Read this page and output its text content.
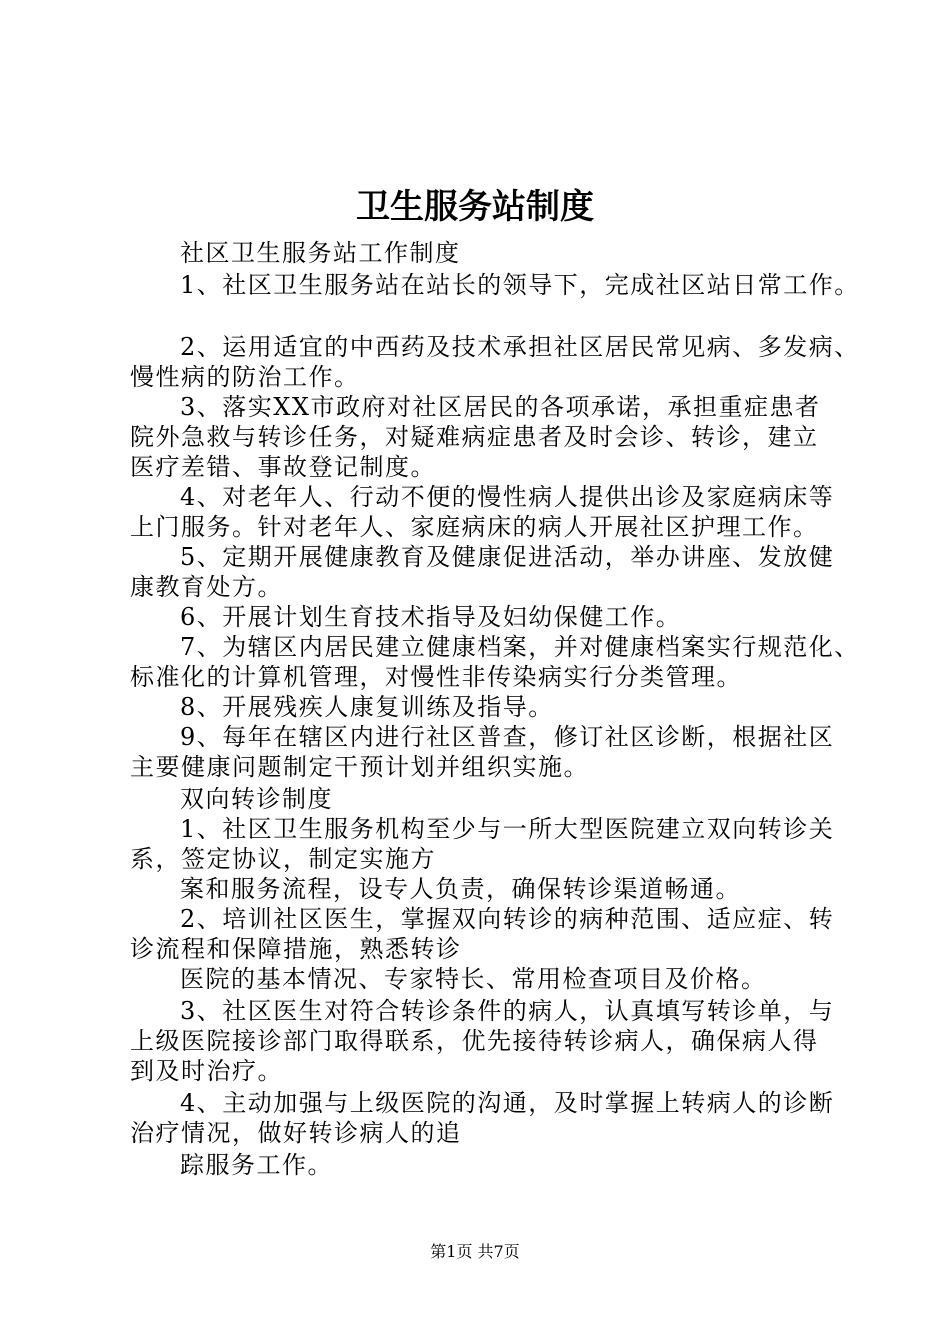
卫生服务站制度
社区卫生服务站工作制度
1、社区卫生服务站在站长的领导下，完成社区站日常工作。
2、运用适宜的中西药及技术承担社区居民常见病、多发病、
慢性病的防治工作。
3、落实XX市政府对社区居民的各项承诺，承担重症患者
院外急救与转诊任务，对疑难病症患者及时会诊、转诊，建立
医疗差错、事故登记制度。
4、对老年人、行动不便的慢性病人提供出诊及家庭病床等
上门服务。针对老年人、家庭病床的病人开展社区护理工作。
5、定期开展健康教育及健康促进活动，举办讲座、发放健
康教育处方。
6、开展计划生育技术指导及妇幼保健工作。
7、为辖区内居民建立健康档案，并对健康档案实行规范化、
标准化的计算机管理，对慢性非传染病实行分类管理。
8、开展残疾人康复训练及指导。
9、每年在辖区内进行社区普查，修订社区诊断，根据社区
主要健康问题制定干预计划并组织实施。
双向转诊制度
1、社区卫生服务机构至少与一所大型医院建立双向转诊关
系，签定协议，制定实施方
案和服务流程，设专人负责，确保转诊渠道畅通。
2、培训社区医生，掌握双向转诊的病种范围、适应症、转
诊流程和保障措施，熟悉转诊
医院的基本情况、专家特长、常用检查项目及价格。
3、社区医生对符合转诊条件的病人，认真填写转诊单，与
上级医院接诊部门取得联系，优先接待转诊病人，确保病人得
到及时治疗。
4、主动加强与上级医院的沟通，及时掌握上转病人的诊断
治疗情况，做好转诊病人的追
踪服务工作。
第1页 共7页
